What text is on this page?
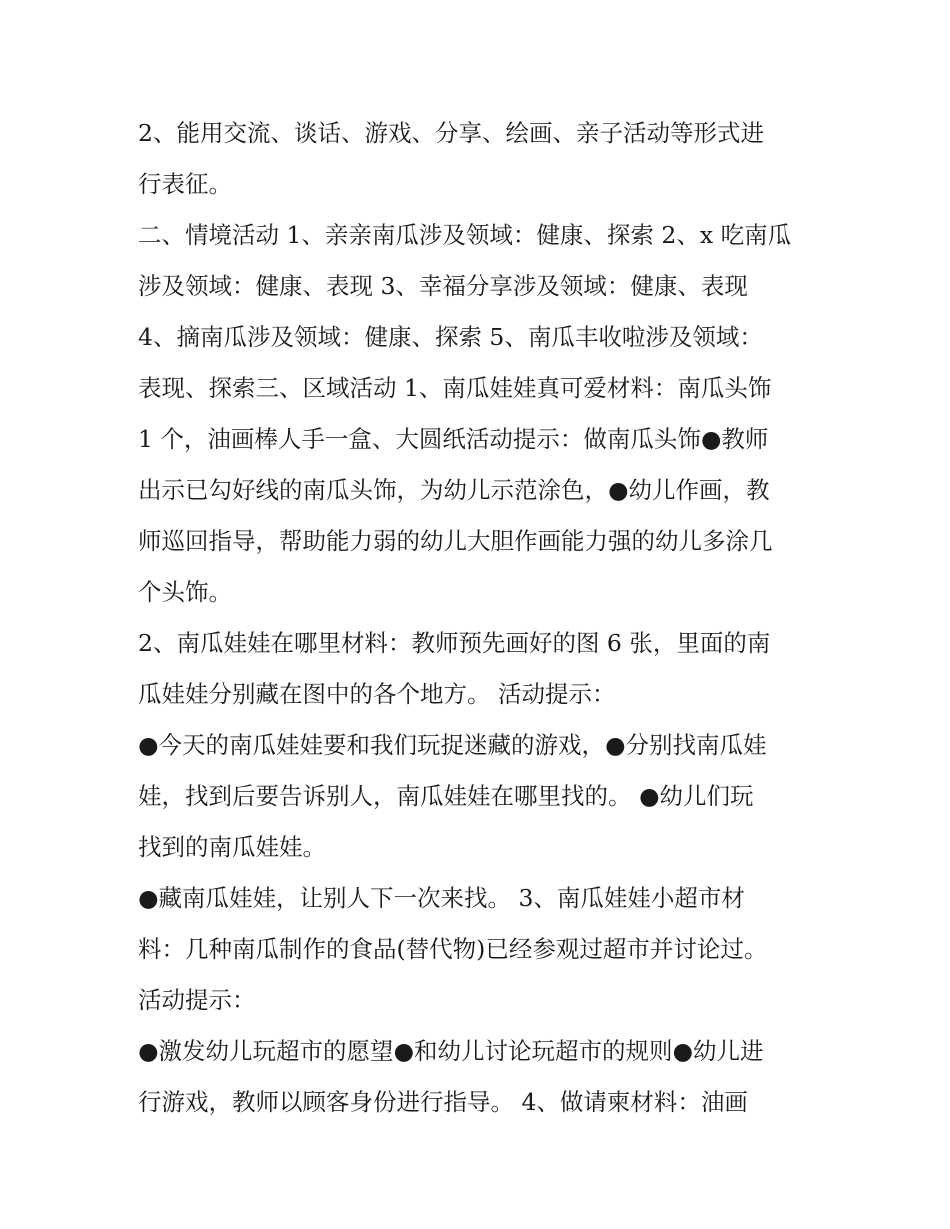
2、能用交流、谈话、游戏、分享、绘画、亲子活动等形式进
行表征。
二、情境活动 1、亲亲南瓜涉及领域：健康、探索 2、x 吃南瓜
涉及领域：健康、表现 3、幸福分享涉及领域：健康、表现
4、摘南瓜涉及领域：健康、探索 5、南瓜丰收啦涉及领域：
表现、探索三、区域活动 1、南瓜娃娃真可爱材料：南瓜头饰
1 个，油画棒人手一盒、大圆纸活动提示：做南瓜头饰●教师
出示已勾好线的南瓜头饰，为幼儿示范涂色，●幼儿作画，教
师巡回指导，帮助能力弱的幼儿大胆作画能力强的幼儿多涂几
个头饰。
2、南瓜娃娃在哪里材料：教师预先画好的图 6 张，里面的南
瓜娃娃分别藏在图中的各个地方。 活动提示：
●今天的南瓜娃娃要和我们玩捉迷藏的游戏，●分别找南瓜娃
娃，找到后要告诉别人，南瓜娃娃在哪里找的。 ●幼儿们玩
找到的南瓜娃娃。
●藏南瓜娃娃，让别人下一次来找。 3、南瓜娃娃小超市材
料：几种南瓜制作的食品(替代物)已经参观过超市并讨论过。
活动提示：
●激发幼儿玩超市的愿望●和幼儿讨论玩超市的规则●幼儿进
行游戏，教师以顾客身份进行指导。 4、做请柬材料：油画
